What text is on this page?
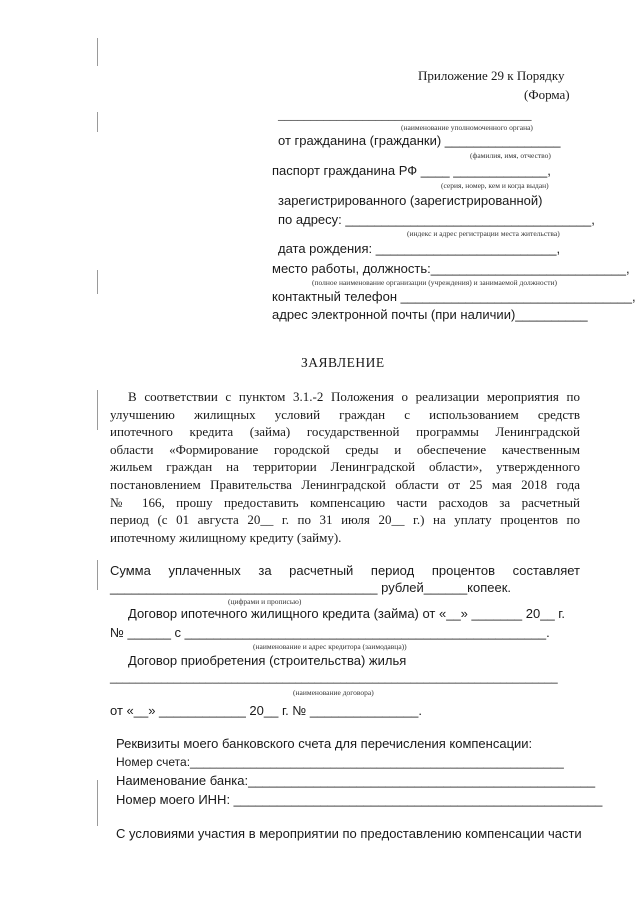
Приложение 29 к Порядку
(Форма)
_______________________________________
(наименование уполномоченного органа)
от гражданина (гражданки) ________________
(фамилия, имя, отчество)
паспорт гражданина РФ ____ _____________,
(серия, номер, кем и когда выдан)
зарегистрированного (зарегистрированной)
по адресу: __________________________________,
(индекс и адрес регистрации места жительства)
дата рождения: _________________________,
место работы, должность:___________________________,
(полное наименование организации (учреждения) и занимаемой должности)
контактный телефон ________________________________,
адрес электронной почты (при наличии)__________
ЗАЯВЛЕНИЕ
В соответствии с пунктом 3.1.-2 Положения о реализации мероприятия по
улучшению жилищных условий граждан с использованием средств
ипотечного кредита (займа) государственной программы Ленинградской
области «Формирование городской среды и обеспечение качественным
жильем граждан на территории Ленинградской области», утвержденного
постановлением Правительства Ленинградской области от 25 мая 2018 года
№ 166, прошу предоставить компенсацию части расходов за расчетный
период (с 01 августа 20__ г. по 31 июля 20__ г.) на уплату процентов по
ипотечному жилищному кредиту (займу).
Сумма уплаченных за расчетный период процентов составляет
_____________________________________ рублей______копеек.
(цифрами и прописью)
Договор ипотечного жилищного кредита (займа) от «__» _______ 20__ г.
№ ______ с __________________________________________________.
(наименование и адрес кредитора (заимодавца))
Договор приобретения (строительства) жилья
______________________________________________________________________
(наименование договора)
от «__» ____________ 20__ г. № _______________.
Реквизиты моего банковского счета для перечисления компенсации:
Номер счета:________________________________________________________
Наименование банка:________________________________________________
Номер моего ИНН: ___________________________________________________
С условиями участия в мероприятии по предоставлению компенсации части
